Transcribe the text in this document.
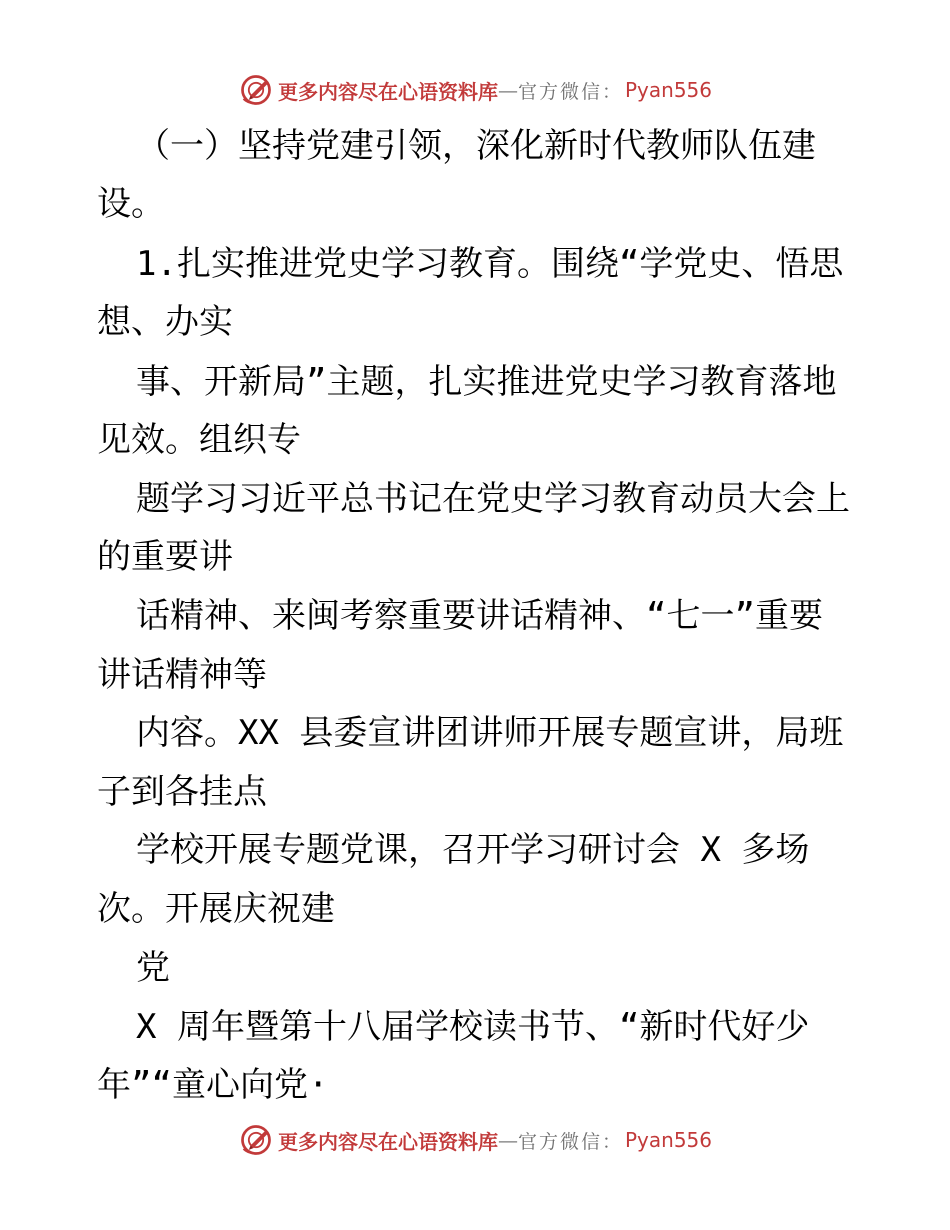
更多内容尽在心语资料库 — 官方微信： Pyan556
（一）坚持党建引领，深化新时代教师队伍建
设。
1.扎实推进党史学习教育。围绕“学党史、悟思
想、办实
事、开新局”主题，扎实推进党史学习教育落地
见效。组织专
题学习习近平总书记在党史学习教育动员大会上
的重要讲
话精神、来闽考察重要讲话精神、“七一”重要
讲话精神等
内容。XX 县委宣讲团讲师开展专题宣讲，局班
子到各挂点
学校开展专题党课，召开学习研讨会 X 多场
次。开展庆祝建
党
X 周年暨第十八届学校读书节、“新时代好少
年”“童心向党·
更多内容尽在心语资料库 — 官方微信： Pyan556
